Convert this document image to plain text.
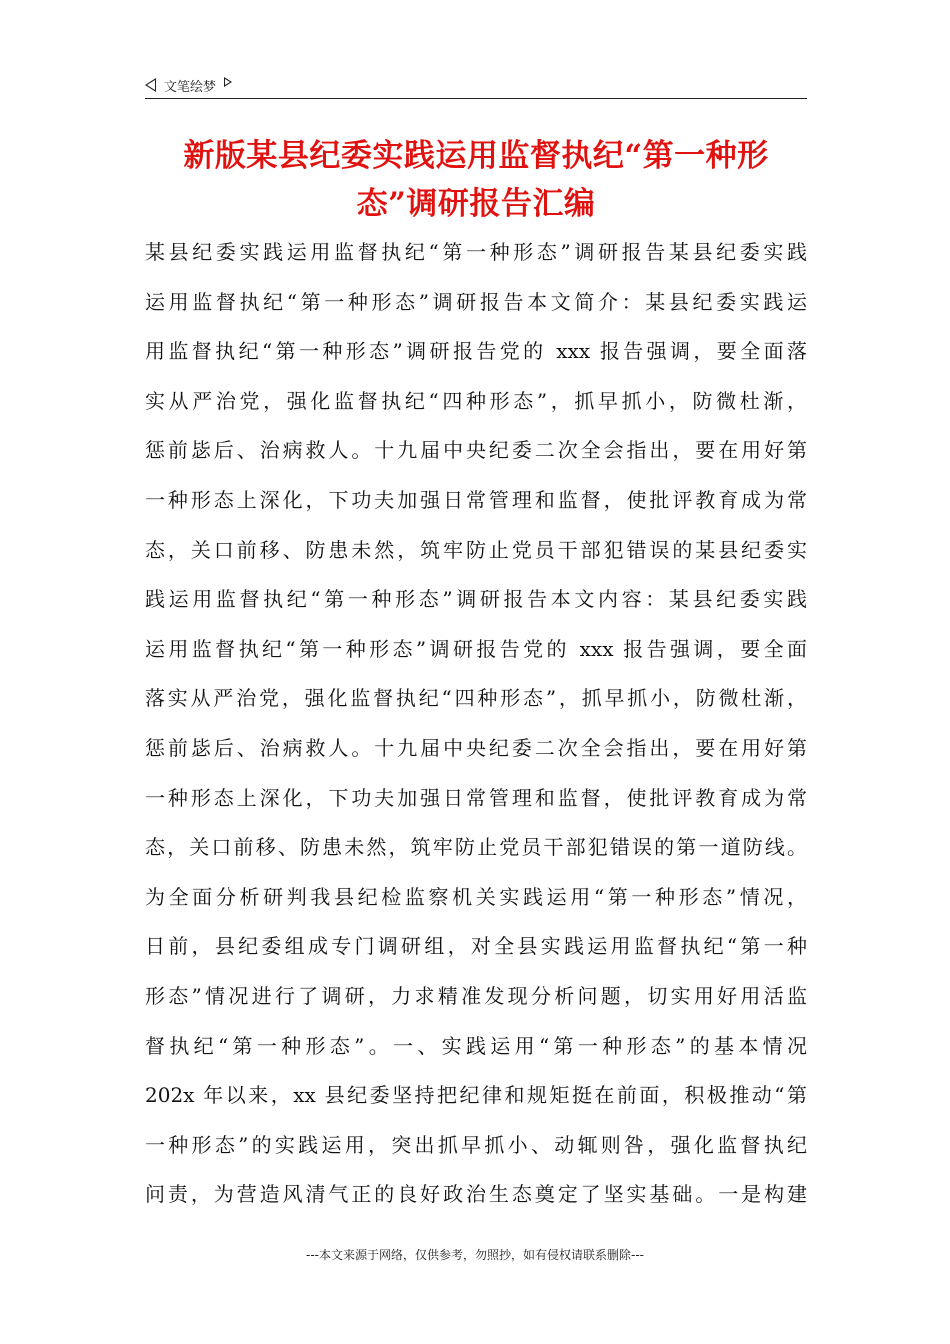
文笔绘梦
新版某县纪委实践运用监督执纪“第一种形
态”调研报告汇编
某县纪委实践运用监督执纪“第一种形态”调研报告某县纪委实践
运用监督执纪“第一种形态”调研报告本文简介：某县纪委实践运
用监督执纪“第一种形态”调研报告党的 xxx 报告强调，要全面落
实从严治党，强化监督执纪“四种形态”，抓早抓小，防微杜渐，
惩前毖后、治病救人。十九届中央纪委二次全会指出，要在用好第
一种形态上深化，下功夫加强日常管理和监督，使批评教育成为常
态，关口前移、防患未然，筑牢防止党员干部犯错误的某县纪委实
践运用监督执纪“第一种形态”调研报告本文内容：某县纪委实践
运用监督执纪“第一种形态”调研报告党的 xxx 报告强调，要全面
落实从严治党，强化监督执纪“四种形态”，抓早抓小，防微杜渐，
惩前毖后、治病救人。十九届中央纪委二次全会指出，要在用好第
一种形态上深化，下功夫加强日常管理和监督，使批评教育成为常
态，关口前移、防患未然，筑牢防止党员干部犯错误的第一道防线。
为全面分析研判我县纪检监察机关实践运用“第一种形态”情况，
日前，县纪委组成专门调研组，对全县实践运用监督执纪“第一种
形态”情况进行了调研，力求精准发现分析问题，切实用好用活监
督执纪“第一种形态”。一、实践运用“第一种形态”的基本情况
202x 年以来，xx 县纪委坚持把纪律和规矩挺在前面，积极推动“第
一种形态”的实践运用，突出抓早抓小、动辄则咎，强化监督执纪
问责，为营造风清气正的良好政治生态奠定了坚实基础。一是构建
---本文来源于网络，仅供参考，勿照抄，如有侵权请联系删除---
